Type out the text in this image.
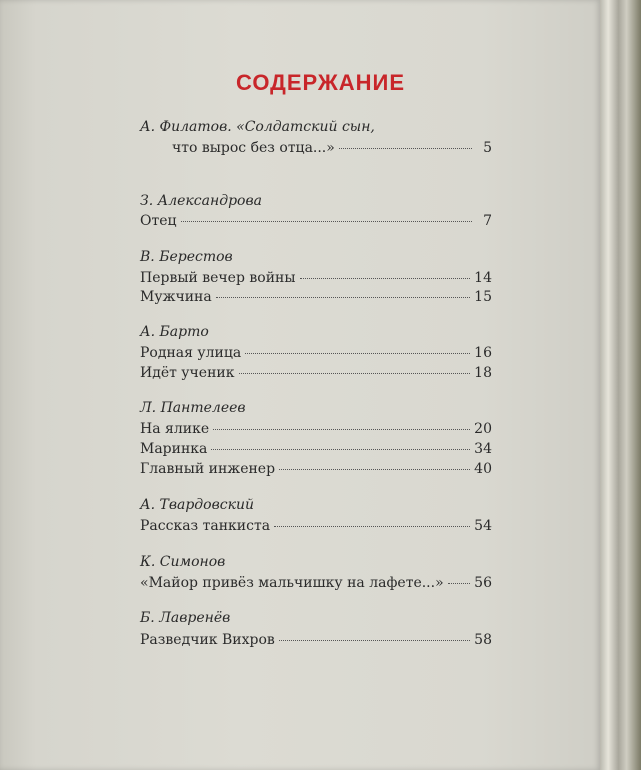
СОДЕРЖАНИЕ
А. Филатов. «Солдатский сын,
что вырос без отца...»	5
З. Александрова
Отец	7
В. Берестов
Первый вечер войны	14
Мужчина	15
А. Барто
Родная улица	16
Идёт ученик	18
Л. Пантелеев
На ялике	20
Маринка	34
Главный инженер	40
А. Твардовский
Рассказ танкиста	54
К. Симонов
«Майор привёз мальчишку на лафете...» 56
Б. Лавренёв
Разведчик Вихров	58
